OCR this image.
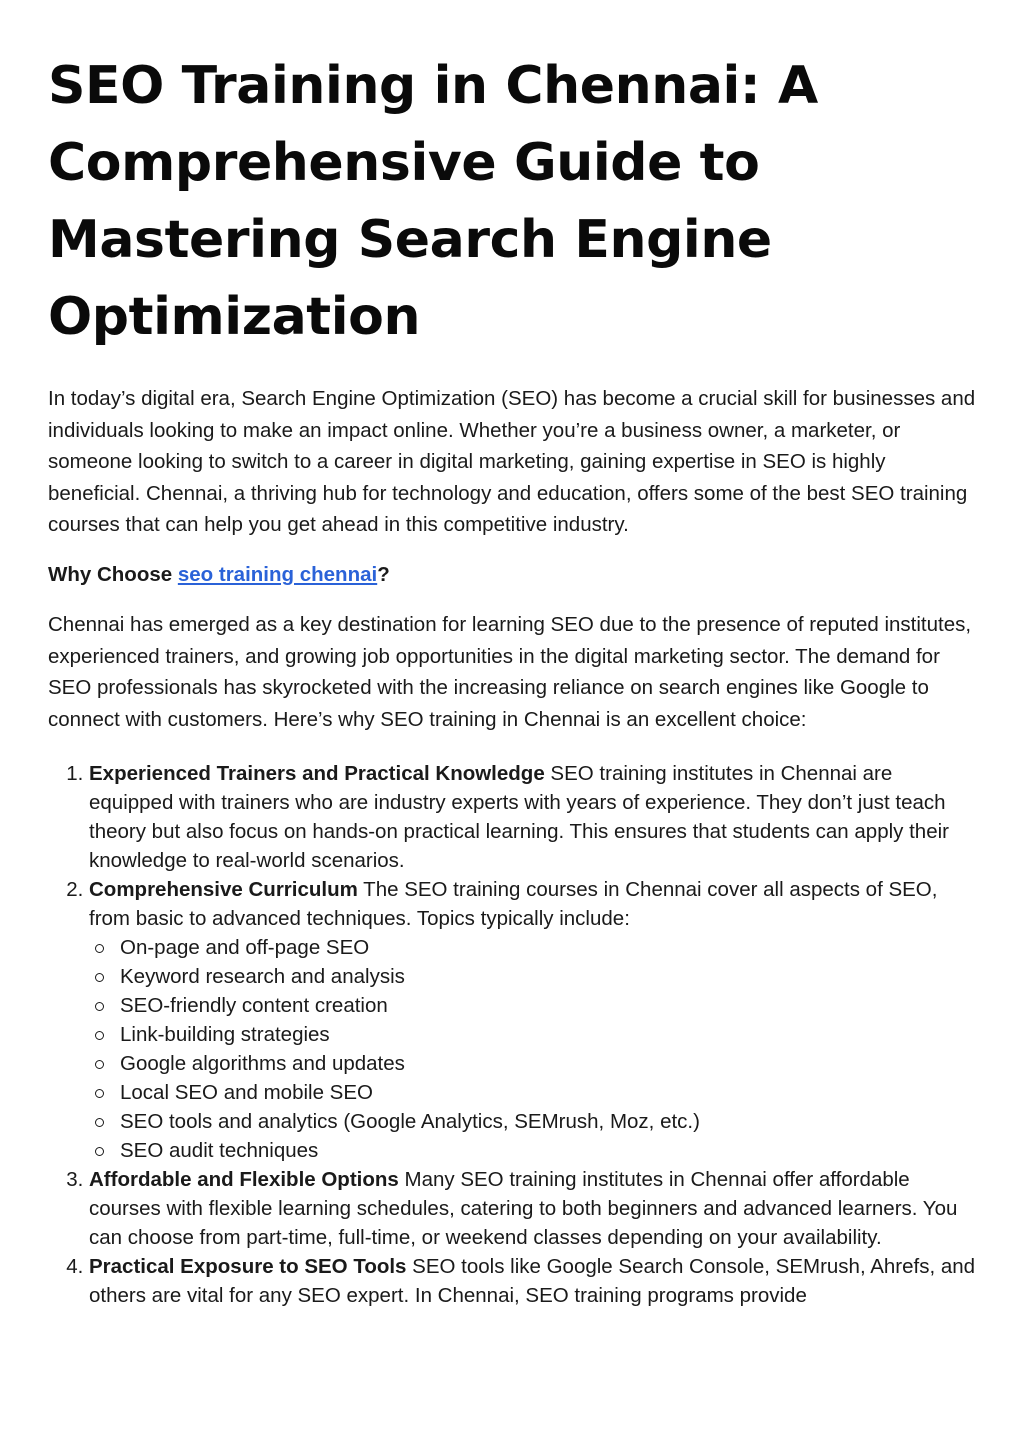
SEO Training in Chennai: A Comprehensive Guide to Mastering Search Engine Optimization

In today’s digital era, Search Engine Optimization (SEO) has become a crucial skill for businesses and individuals looking to make an impact online. Whether you’re a business owner, a marketer, or someone looking to switch to a career in digital marketing, gaining expertise in SEO is highly beneficial. Chennai, a thriving hub for technology and education, offers some of the best SEO training courses that can help you get ahead in this competitive industry.

Why Choose seo training chennai?

Chennai has emerged as a key destination for learning SEO due to the presence of reputed institutes, experienced trainers, and growing job opportunities in the digital marketing sector. The demand for SEO professionals has skyrocketed with the increasing reliance on search engines like Google to connect with customers. Here’s why SEO training in Chennai is an excellent choice:

1. Experienced Trainers and Practical Knowledge SEO training institutes in Chennai are equipped with trainers who are industry experts with years of experience. They don’t just teach theory but also focus on hands-on practical learning. This ensures that students can apply their knowledge to real-world scenarios.
2. Comprehensive Curriculum The SEO training courses in Chennai cover all aspects of SEO, from basic to advanced techniques. Topics typically include:
On-page and off-page SEO
Keyword research and analysis
SEO-friendly content creation
Link-building strategies
Google algorithms and updates
Local SEO and mobile SEO
SEO tools and analytics (Google Analytics, SEMrush, Moz, etc.)
SEO audit techniques
3. Affordable and Flexible Options Many SEO training institutes in Chennai offer affordable courses with flexible learning schedules, catering to both beginners and advanced learners. You can choose from part-time, full-time, or weekend classes depending on your availability.
4. Practical Exposure to SEO Tools SEO tools like Google Search Console, SEMrush, Ahrefs, and others are vital for any SEO expert. In Chennai, SEO training programs provide
